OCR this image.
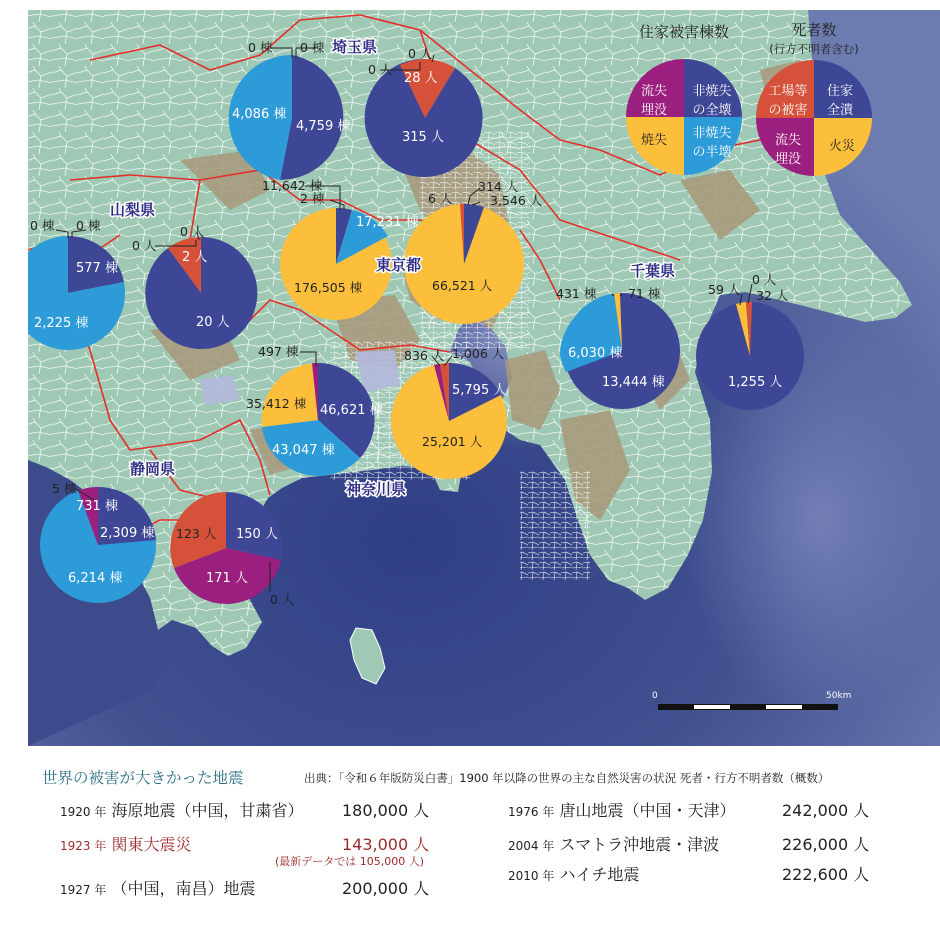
流失
埋没
非焼失
の全壊
焼失 非焼失
の半壊
工場等
の被害
住家
全潰
流失
埋没
火災
住家被害棟数	死者数
(行方不明者含む)
0 棟 0 棟
4,759 棟
4,086 棟
0 人
0 人
28 人
315 人
0 棟 0 棟
577 棟
2,225 棟
0 人
0 人
2 人
20 人
11,642 棟
2 棟
17,231 棟
176,505 棟
6 人
314 人
3,546 人
66,521 人
431 棟	71 棟
6,030 棟
13,444 棟
59 人
0 人
32 人
1,255 人
497 棟
35,412 棟 46,621 棟
43,047 棟
836 人 1,006 人
5,795 人
25,201 人
5 棟
731 棟
2,309 棟
6,214 棟
123 人 150 人
171 人
0 人
埼玉県
山梨県
東京都	千葉県
神奈川県
静岡県
0	50km
世界の被害が大きかった地震	出典：「令和６年版防災白書」1900 年以降の世界の主な自然災害の状況 死者・行方不明者数（概数）
1920 年 海原地震（中国，甘粛省） 180,000 人
1923 年 関東大震災	143,000 人
(最新データでは 105,000 人)
1927 年 （中国，南昌）地震	200,000 人
1976 年 唐山地震（中国・天津）	242,000 人
2004 年 スマトラ沖地震・津波	226,000 人
2010 年 ハイチ地震	222,600 人
